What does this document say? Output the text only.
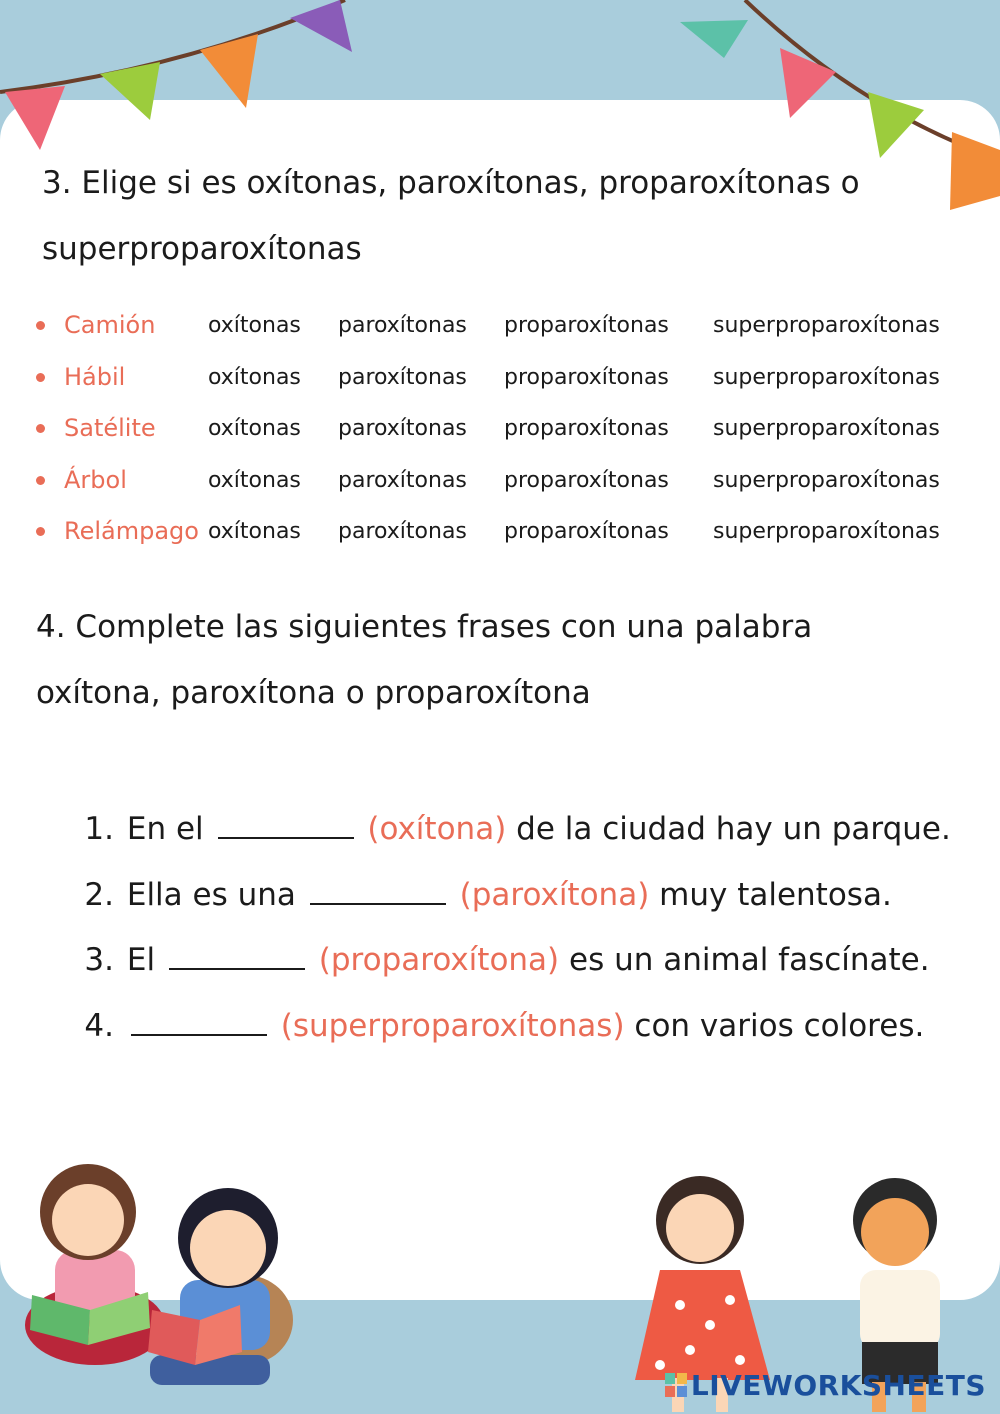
3. Elige si es oxítonas, paroxítonas, proparoxítonas o superproparoxítonas

Camión oxítonas paroxítonas proparoxítonas superproparoxítonas
Hábil	oxítonas paroxítonas proparoxítonas superproparoxítonas
Satélite oxítonas paroxítonas proparoxítonas superproparoxítonas
Árbol	oxítonas paroxítonas proparoxítonas superproparoxítonas
Relámpago oxítonas paroxítonas proparoxítonas superproparoxítonas

4. Complete las siguientes frases con una palabra oxítona, paroxítona o proparoxítona

1. En el	(oxítona) de la ciudad hay un parque.
2. Ella es una	(paroxítona) muy talentosa.
3. El	(proparoxítona) es un animal fascínate.
4.	(superproparoxítonas) con varios colores.
LIVEWORKSHEETS
